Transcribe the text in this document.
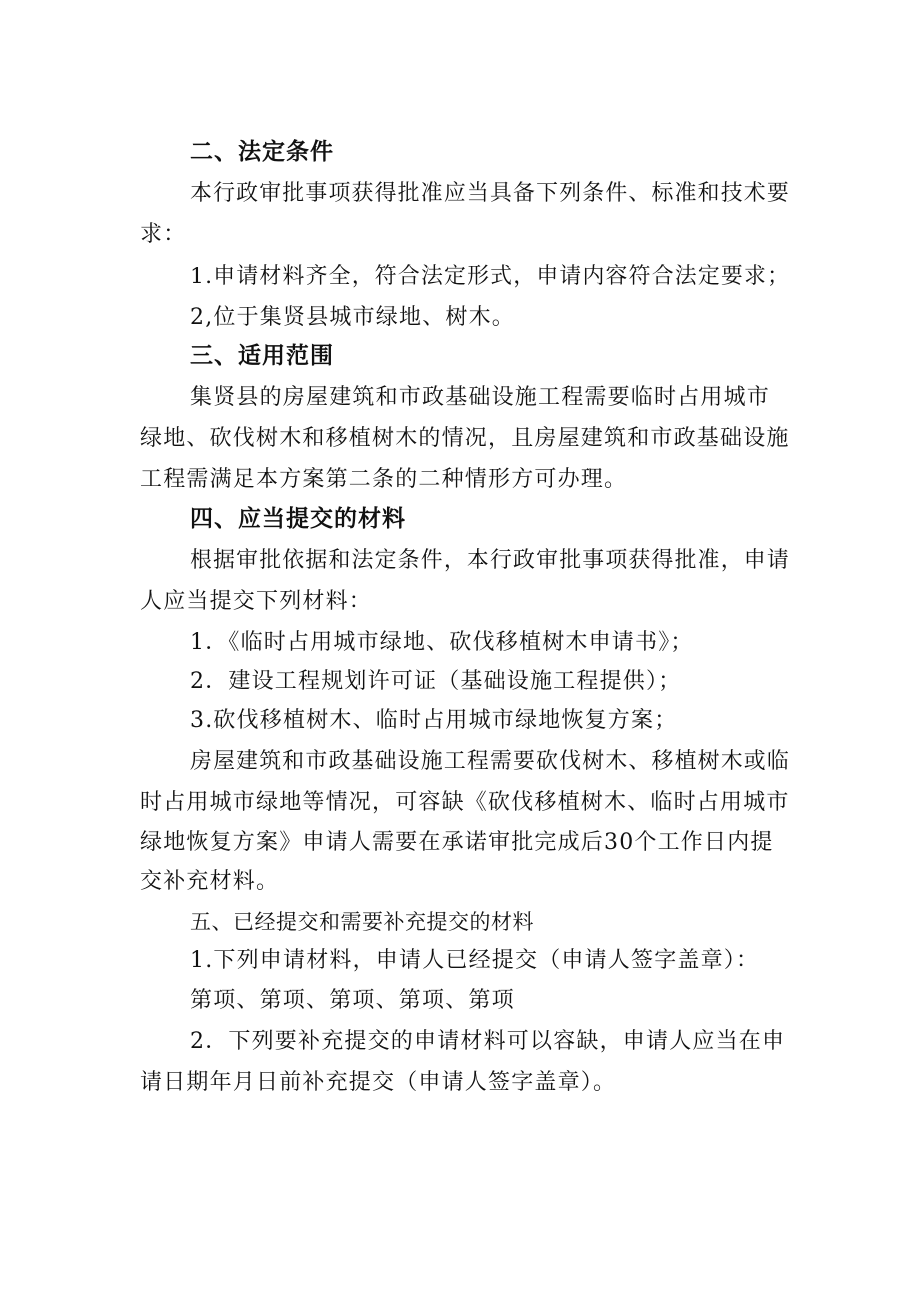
二、法定条件
本行政审批事项获得批准应当具备下列条件、标准和技术要
求：
1.申请材料齐全，符合法定形式，申请内容符合法定要求；
2,位于集贤县城市绿地、树木。
三、适用范围
集贤县的房屋建筑和市政基础设施工程需要临时占用城市
绿地、砍伐树木和移植树木的情况，且房屋建筑和市政基础设施
工程需满足本方案第二条的二种情形方可办理。
四、应当提交的材料
根据审批依据和法定条件，本行政审批事项获得批准，申请
人应当提交下列材料：
1．《临时占用城市绿地、砍伐移植树木申请书》；
2．建设工程规划许可证（基础设施工程提供）；
3.砍伐移植树木、临时占用城市绿地恢复方案；
房屋建筑和市政基础设施工程需要砍伐树木、移植树木或临
时占用城市绿地等情况，可容缺《砍伐移植树木、临时占用城市
绿地恢复方案》申请人需要在承诺审批完成后30个工作日内提
交补充材料。
五、已经提交和需要补充提交的材料
1.下列申请材料，申请人已经提交（申请人签字盖章）：
第项、第项、第项、第项、第项
2．下列要补充提交的申请材料可以容缺，申请人应当在申
请日期年月日前补充提交（申请人签字盖章）。
